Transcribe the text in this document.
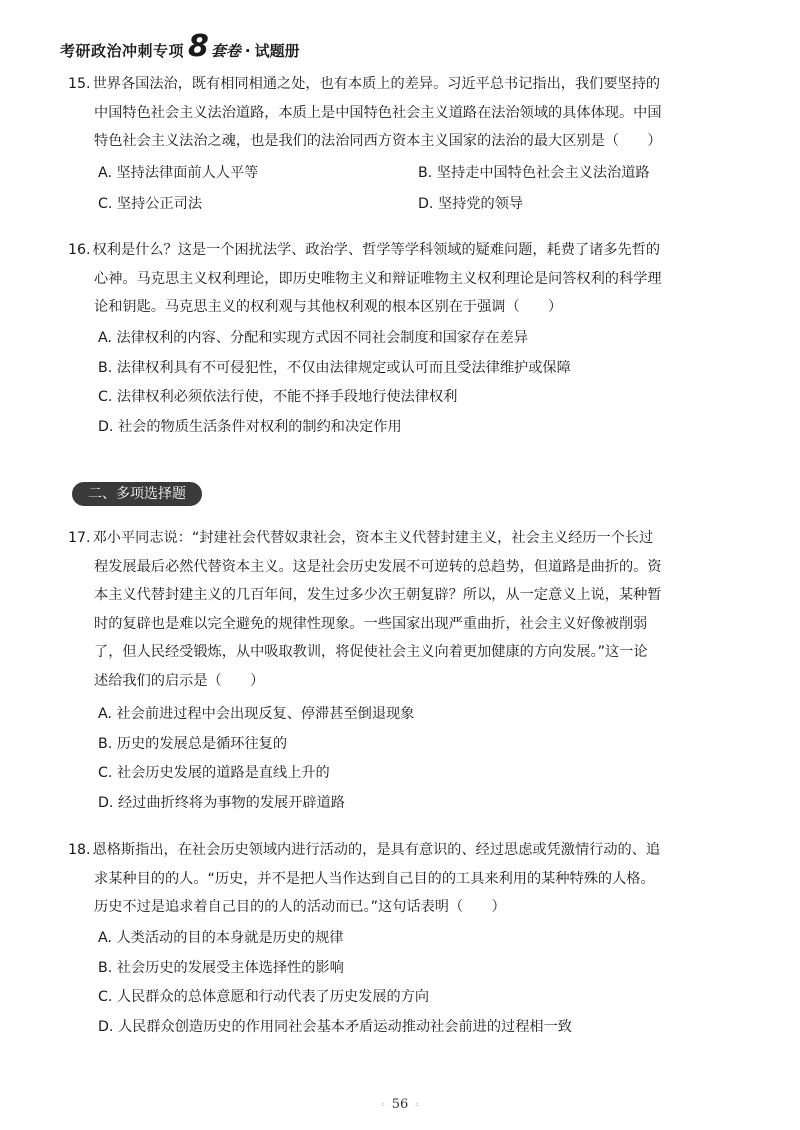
考研政治冲刺专项 8 套卷 · 试题册
15. 世界各国法治，既有相同相通之处，也有本质上的差异。习近平总书记指出，我们要坚持的
中国特色社会主义法治道路，本质上是中国特色社会主义道路在法治领域的具体体现。中国
特色社会主义法治之魂，也是我们的法治同西方资本主义国家的法治的最大区别是（　　）
A. 坚持法律面前人人平等	B. 坚持走中国特色社会主义法治道路
C. 坚持公正司法	D. 坚持党的领导
16. 权利是什么？这是一个困扰法学、政治学、哲学等学科领域的疑难问题，耗费了诸多先哲的
心神。马克思主义权利理论，即历史唯物主义和辩证唯物主义权利理论是问答权利的科学理
论和钥匙。马克思主义的权利观与其他权利观的根本区别在于强调（　　）
A. 法律权利的内容、分配和实现方式因不同社会制度和国家存在差异
B. 法律权利具有不可侵犯性，不仅由法律规定或认可而且受法律维护或保障
C. 法律权利必须依法行使，不能不择手段地行使法律权利
D. 社会的物质生活条件对权利的制约和决定作用
二、多项选择题
17. 邓小平同志说：“封建社会代替奴隶社会，资本主义代替封建主义，社会主义经历一个长过
程发展最后必然代替资本主义。这是社会历史发展不可逆转的总趋势，但道路是曲折的。资
本主义代替封建主义的几百年间，发生过多少次王朝复辟？所以，从一定意义上说，某种暂
时的复辟也是难以完全避免的规律性现象。一些国家出现严重曲折，社会主义好像被削弱
了，但人民经受锻炼，从中吸取教训，将促使社会主义向着更加健康的方向发展。”这一论
述给我们的启示是（　　）
A. 社会前进过程中会出现反复、停滞甚至倒退现象
B. 历史的发展总是循环往复的
C. 社会历史发展的道路是直线上升的
D. 经过曲折终将为事物的发展开辟道路
18. 恩格斯指出，在社会历史领域内进行活动的，是具有意识的、经过思虑或凭激情行动的、追
求某种目的的人。“历史，并不是把人当作达到自己目的的工具来利用的某种特殊的人格。
历史不过是追求着自己目的的人的活动而已。”这句话表明（　　）
A. 人类活动的目的本身就是历史的规律
B. 社会历史的发展受主体选择性的影响
C. 人民群众的总体意愿和行动代表了历史发展的方向
D. 人民群众创造历史的作用同社会基本矛盾运动推动社会前进的过程相一致
◦ 56 ◦
